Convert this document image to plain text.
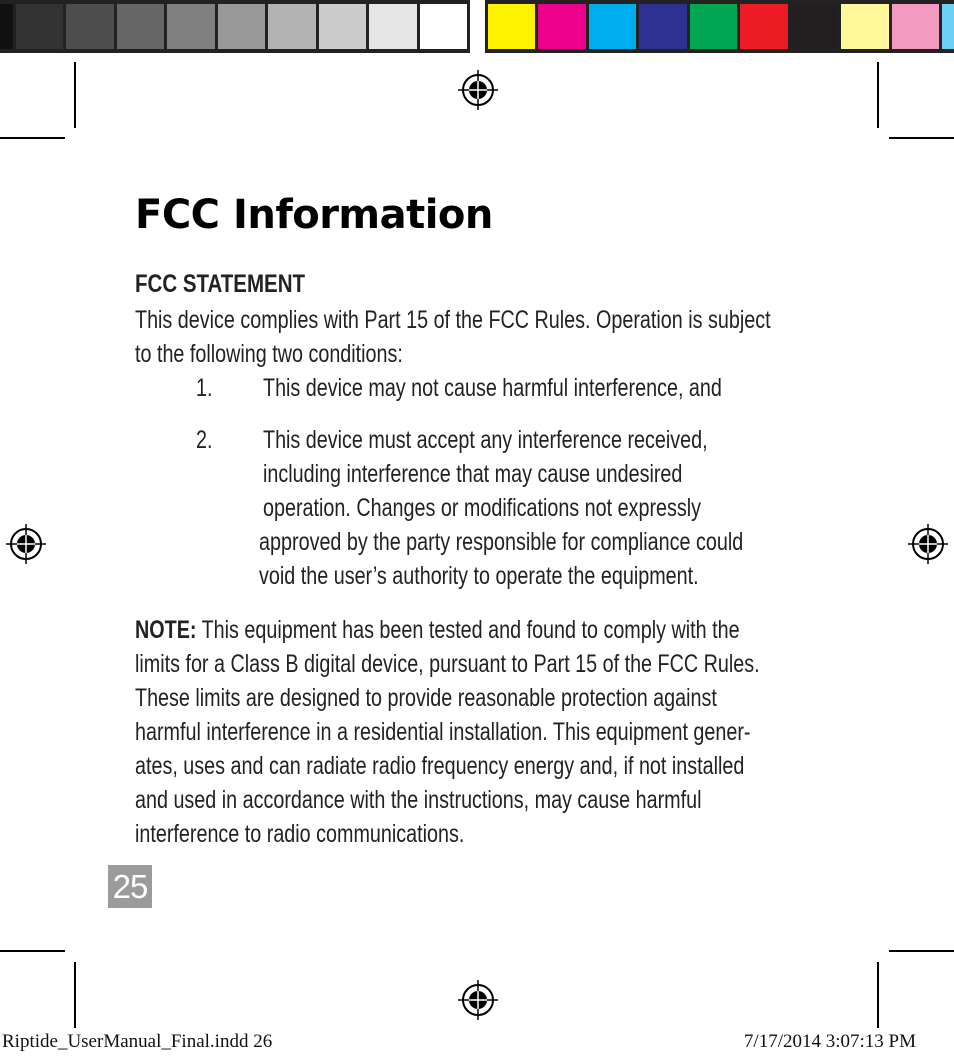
FCC Information
FCC STATEMENT
This device complies with Part 15 of the FCC Rules. Operation is subject
to the following two conditions:
1. This device may not cause harmful interference, and
2. This device must accept any interference received,
including interference that may cause undesired
operation. Changes or modifications not expressly
approved by the party responsible for compliance could
void the user’s authority to operate the equipment.
NOTE: This equipment has been tested and found to comply with the
limits for a Class B digital device, pursuant to Part 15 of the FCC Rules.
These limits are designed to provide reasonable protection against
harmful interference in a residential installation. This equipment gener-
ates, uses and can radiate radio frequency energy and, if not installed
and used in accordance with the instructions, may cause harmful
interference to radio communications.
25
Riptide_UserManual_Final.indd 26	7/17/2014 3:07:13 PM
